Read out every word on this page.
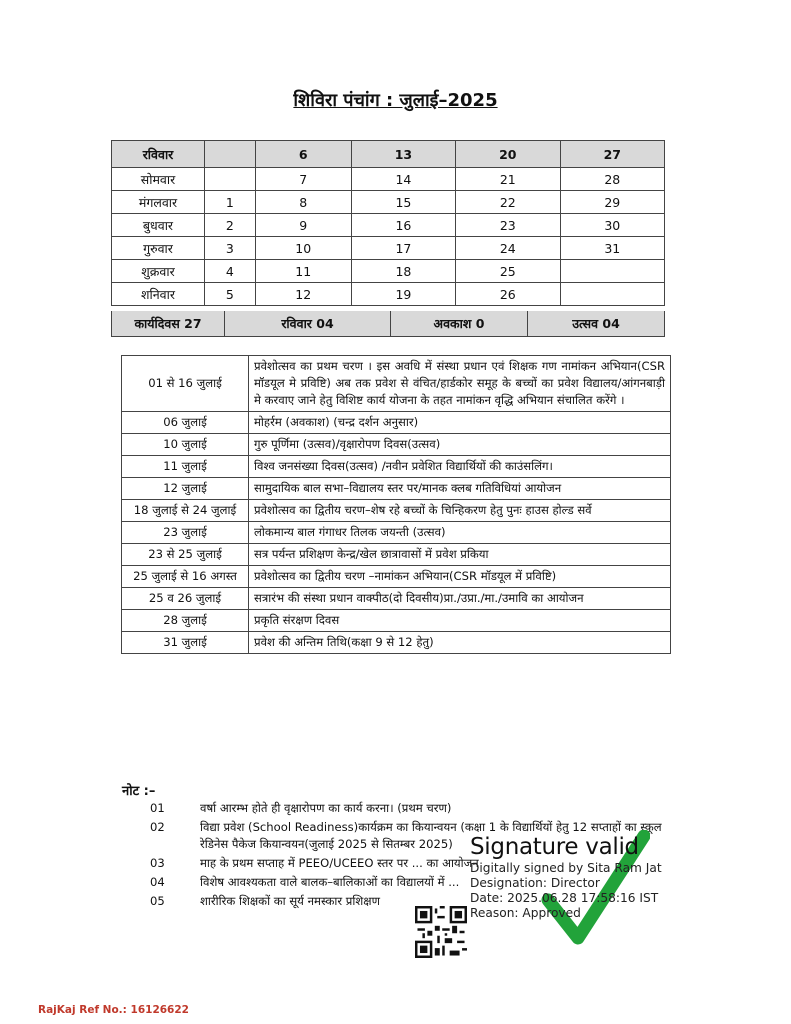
शिविरा पंचांग : जुलाई–2025
रविवार		6	13	20	27
सोमवार		7	14	21	28
मंगलवार	1	8	15	22	29
बुधवार	2	9	16	23	30
गुरुवार	3	10	17	24	31
शुक्रवार	4	11	18	25	
शनिवार	5	12	19	26	
कार्यदिवस 27	रविवार 04	अवकाश 0	उत्सव 04
01 से 16 जुलाई	प्रवेशोत्सव का प्रथम चरण । इस अवधि में संस्था प्रधान एवं शिक्षक गण नामांकन अभियान(CSR मॉडयूल मे प्रविष्टि) अब तक प्रवेश से वंचित/हार्डकोर समूह के बच्चों का प्रवेश विद्यालय/आंगनबाड़ी मे करवाए जाने हेतु विशिष्ट कार्य योजना के तहत नामांकन वृद्धि अभियान संचालित करेंगे ।
06 जुलाई	मोहर्रम (अवकाश) (चन्द्र दर्शन अनुसार)
10 जुलाई	गुरु पूर्णिमा (उत्सव)/वृक्षारोपण दिवस(उत्सव)
11 जुलाई	विश्व जनसंख्या दिवस(उत्सव) /नवीन प्रवेशित विद्यार्थियों की काउंसलिंग।
12 जुलाई	सामुदायिक बाल सभा–विद्यालय स्तर पर/मानक क्लब गतिविधियां आयोजन
18 जुलाई से 24 जुलाई	प्रवेशोत्सव का द्वितीय चरण–शेष रहे बच्चों के चिन्हिकरण हेतु पुनः हाउस होल्ड सर्वे
23 जुलाई	लोकमान्य बाल गंगाधर तिलक जयन्ती (उत्सव)
23 से 25 जुलाई	सत्र पर्यन्त प्रशिक्षण केन्द्र/खेल छात्रावासों में प्रवेश प्रकिया
25 जुलाई से 16 अगस्त	प्रवेशोत्सव का द्वितीय चरण –नामांकन अभियान(CSR मॉडयूल में प्रविष्टि)
25 व 26 जुलाई	सत्रारंभ की संस्था प्रधान वाक्पीठ(दो दिवसीय)प्रा./उप्रा./मा./उमावि का आयोजन
28 जुलाई	प्रकृति संरक्षण दिवस
31 जुलाई	प्रवेश की अन्तिम तिथि(कक्षा 9 से 12 हेतु)
नोट :–
01	वर्षा आरम्भ होते ही वृक्षारोपण का कार्य करना। (प्रथम चरण)
02	विद्या प्रवेश (School Readiness)कार्यक्रम का कियान्वयन (कक्षा 1 के विद्यार्थियों हेतु 12 सप्ताहों का स्कूल रेडिनेस पैकेज कियान्वयन(जुलाई 2025 से सितम्बर 2025)
03	माह के प्रथम सप्ताह में PEEO/UCEEO स्तर पर ... का आयोजन
04	विशेष आवश्यकता वाले बालक–बालिकाओं का विद्यालयों में ...
05	शारीरिक शिक्षकों का सूर्य नमस्कार प्रशिक्षण
Signature valid
Digitally signed by Sita Ram Jat
Designation: Director
Date: 2025.06.28 17:58:16 IST
Reason: Approved
RajKaj Ref No.: 16126622
